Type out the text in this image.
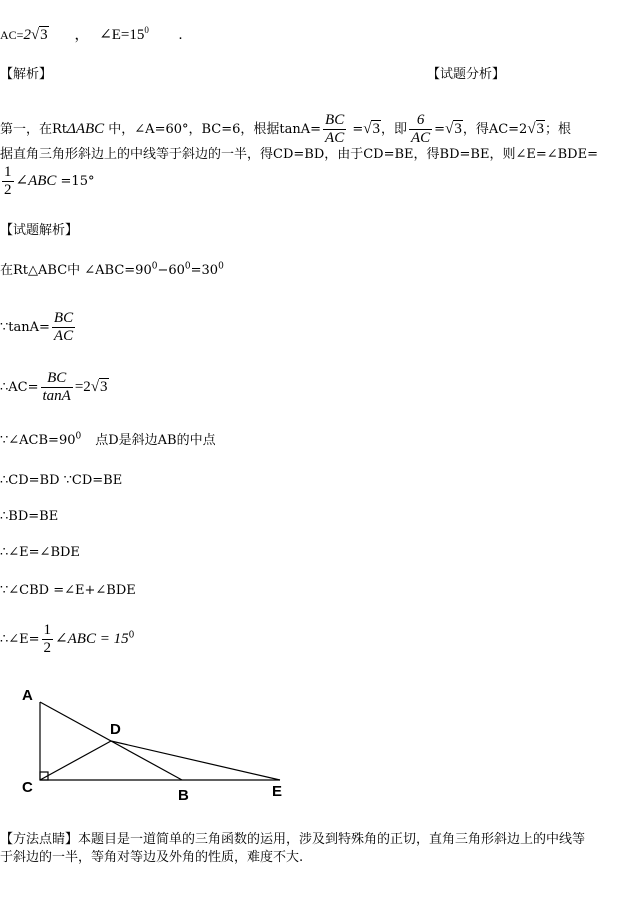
AC=2√3 ， $\angle E=15^0$ .
【解析】	【试题分析】
第一，在RtΔABC 中，∠A=60°，BC=6，根据$\tan A= \frac{BC}{AC} =√3$，即 $\frac{6}{AC} =√3$，得AC=2√3；根
据直角三角形斜边上的中线等于斜边的一半，得CD=BD，由于CD=BE，得BD=BE，则∠E=∠BDE=
$\frac{1}{2}$ ∠ABC =15°
【试题解析】
在Rt△ABC中 $\angle ABC=90^0-60^0=30^0$
∵tanA= $\frac{BC}{AC}$
∴AC= $\frac{BC}{\tan A} =2√3$
$\because\angle ACB=90^0$ 点D是斜边AB的中点
∴CD=BD ∵CD=BE
∴BD=BE
∴∠E=∠BDE
∵∠CBD =∠E+∠BDE
∴∠E= $\frac{1}{2}$ ∠ABC = $15^0$
A
C
D
B	E
【方法点睛】本题目是一道简单的三角函数的运用，涉及到特殊角的正切，直角三角形斜边上的中线等
于斜边的一半，等角对等边及外角的性质，难度不大.
